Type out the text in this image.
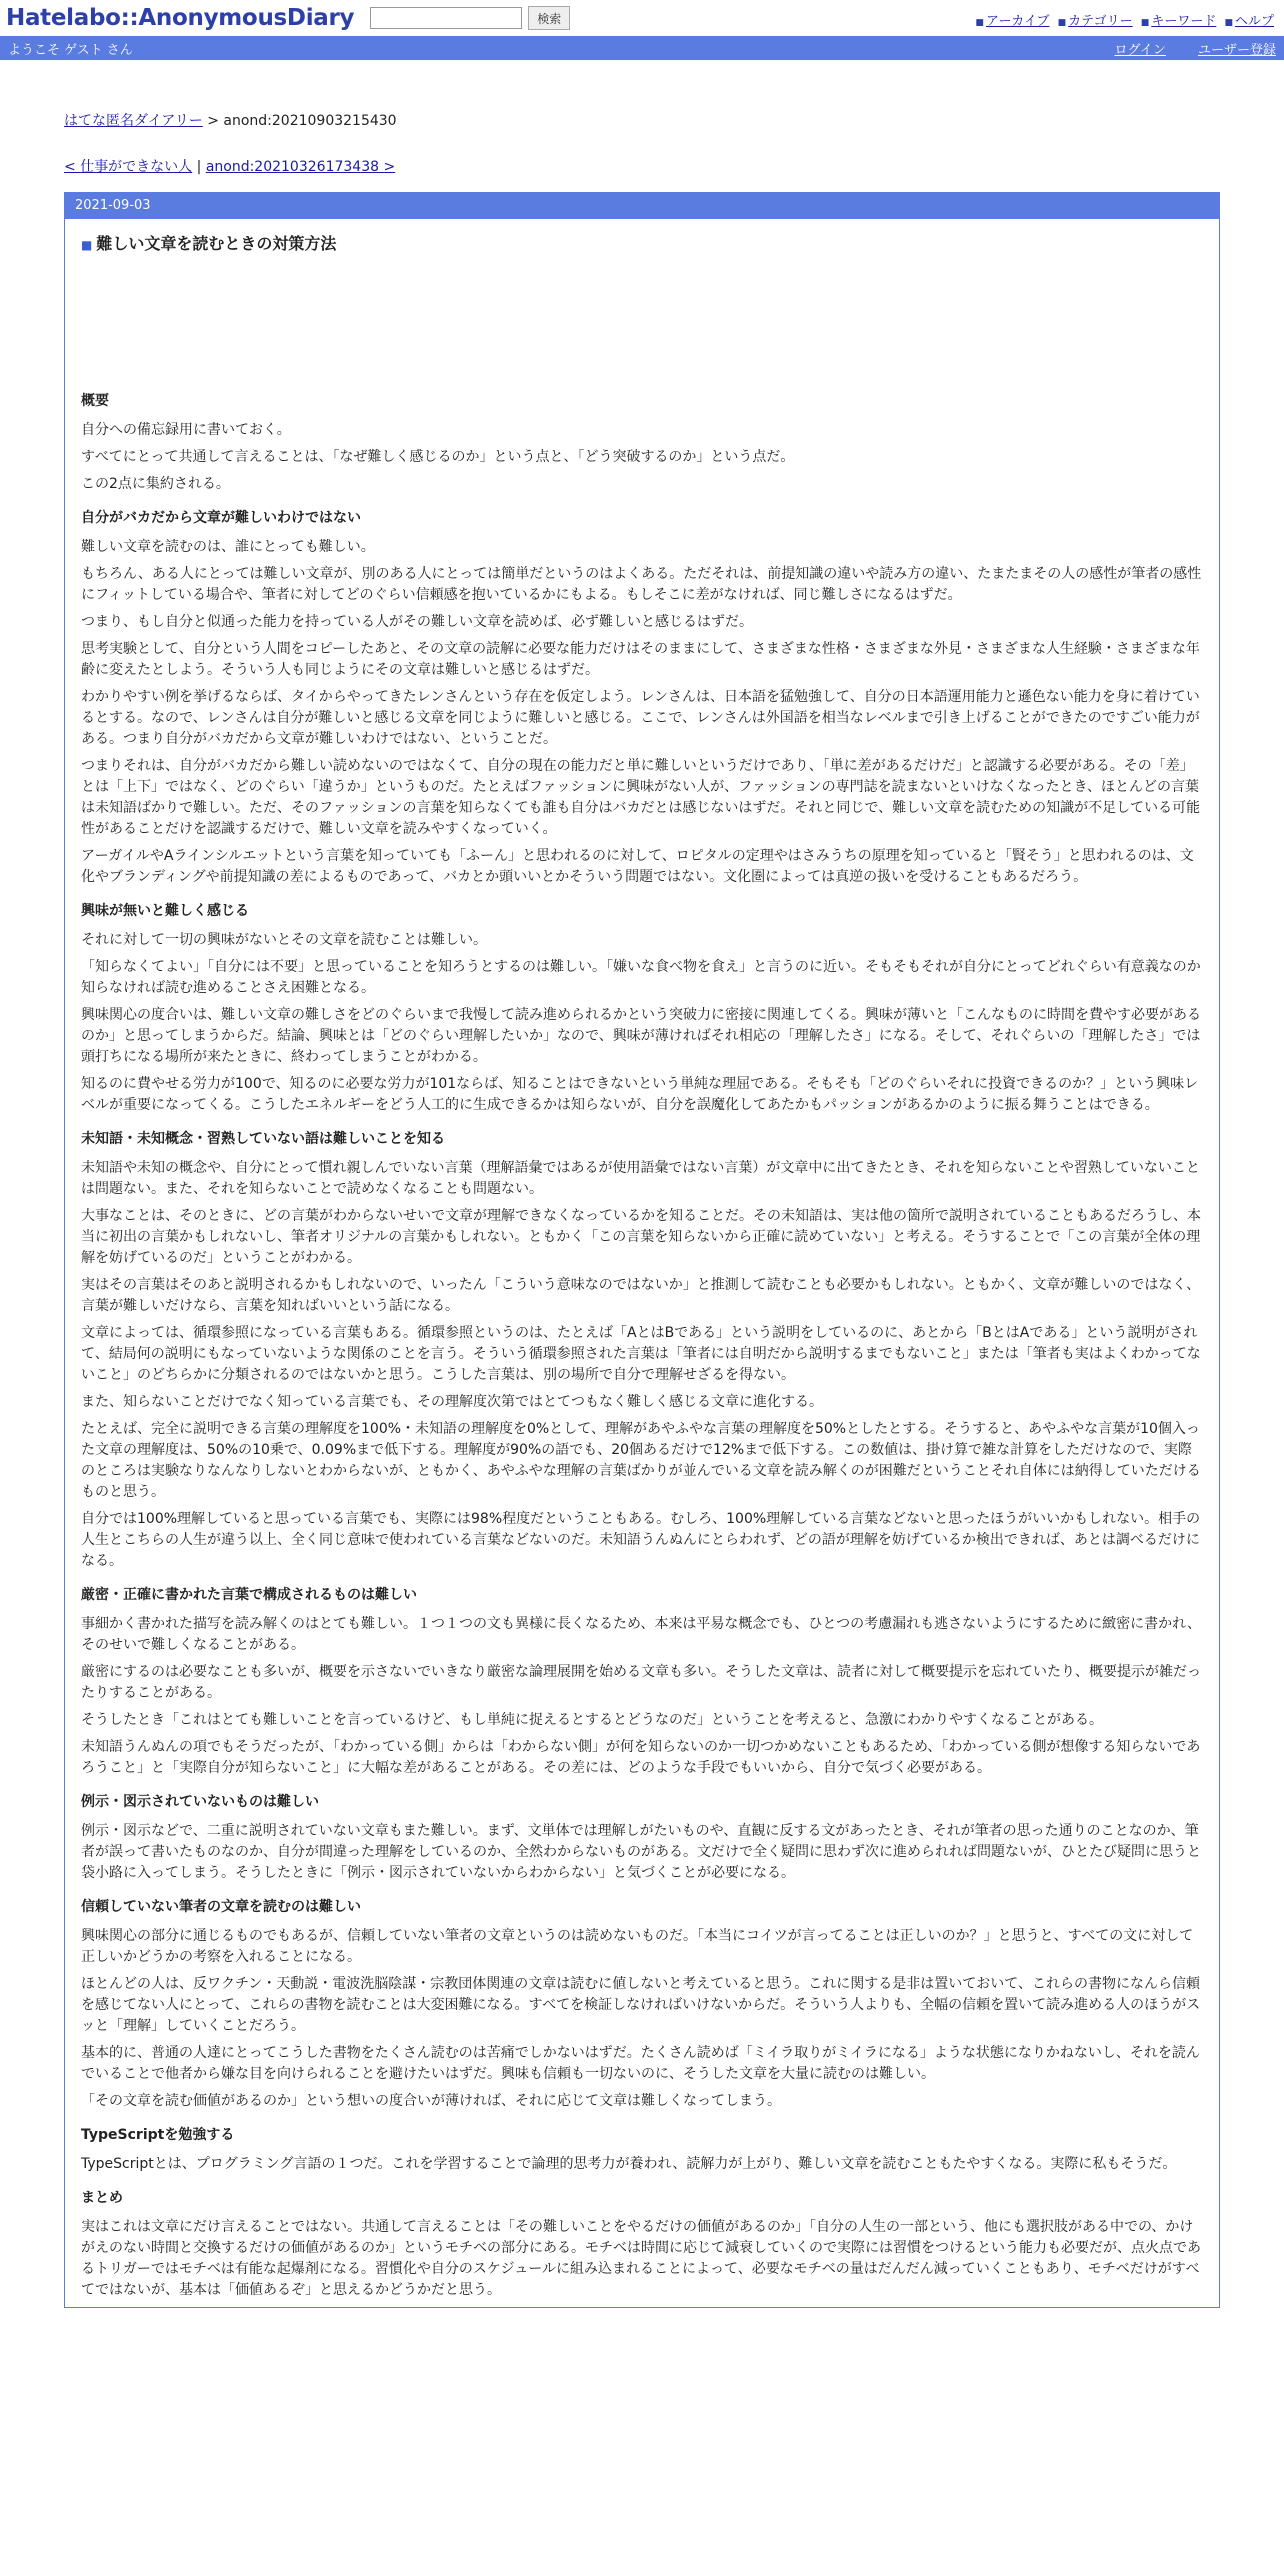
Hatelabo::AnonymousDiary	検索	■ アーカイブ ■ カテゴリー ■ キーワード ■ ヘルプ
ようこそ ゲスト さん	ログイン ユーザー登録
はてな匿名ダイアリー > anond:20210903215430
< 仕事ができない人 | anond:20210326173438 >
2021-09-03
■ 難しい文章を読むときの対策方法
概要

自分への備忘録用に書いておく。

すべてにとって共通して言えることは、「なぜ難しく感じるのか」という点と、「どう突破するのか」という点だ。

この2点に集約される。

自分がバカだから文章が難しいわけではない

難しい文章を読むのは、誰にとっても難しい。

もちろん、ある人にとっては難しい文章が、別のある人にとっては簡単だというのはよくある。ただそれは、前提知識の違いや読み方の違い、たまたまその人の感性が筆者の感性にフィットしている場合や、筆者に対してどのぐらい信頼感を抱いているかにもよる。もしそこに差がなければ、同じ難しさになるはずだ。

つまり、もし自分と似通った能力を持っている人がその難しい文章を読めば、必ず難しいと感じるはずだ。

思考実験として、自分という人間をコピーしたあと、その文章の読解に必要な能力だけはそのままにして、さまざまな性格・さまざまな外見・さまざまな人生経験・さまざまな年齢に変えたとしよう。そういう人も同じようにその文章は難しいと感じるはずだ。

わかりやすい例を挙げるならば、タイからやってきたレンさんという存在を仮定しよう。レンさんは、日本語を猛勉強して、自分の日本語運用能力と遜色ない能力を身に着けているとする。なので、レンさんは自分が難しいと感じる文章を同じように難しいと感じる。ここで、レンさんは外国語を相当なレベルまで引き上げることができたのですごい能力がある。つまり自分がバカだから文章が難しいわけではない、ということだ。

つまりそれは、自分がバカだから難しい読めないのではなくて、自分の現在の能力だと単に難しいというだけであり、「単に差があるだけだ」と認識する必要がある。その「差」とは「上下」ではなく、どのぐらい「違うか」というものだ。たとえばファッションに興味がない人が、ファッションの専門誌を読まないといけなくなったとき、ほとんどの言葉は未知語ばかりで難しい。ただ、そのファッションの言葉を知らなくても誰も自分はバカだとは感じないはずだ。それと同じで、難しい文章を読むための知識が不足している可能性があることだけを認識するだけで、難しい文章を読みやすくなっていく。

アーガイルやAラインシルエットという言葉を知っていても「ふーん」と思われるのに対して、ロピタルの定理やはさみうちの原理を知っていると「賢そう」と思われるのは、文化やブランディングや前提知識の差によるものであって、バカとか頭いいとかそういう問題ではない。文化圏によっては真逆の扱いを受けることもあるだろう。

興味が無いと難しく感じる

それに対して一切の興味がないとその文章を読むことは難しい。

「知らなくてよい」「自分には不要」と思っていることを知ろうとするのは難しい。「嫌いな食べ物を食え」と言うのに近い。そもそもそれが自分にとってどれぐらい有意義なのか知らなければ読む進めることさえ困難となる。

興味関心の度合いは、難しい文章の難しさをどのぐらいまで我慢して読み進められるかという突破力に密接に関連してくる。興味が薄いと「こんなものに時間を費やす必要があるのか」と思ってしまうからだ。結論、興味とは「どのぐらい理解したいか」なので、興味が薄ければそれ相応の「理解したさ」になる。そして、それぐらいの「理解したさ」では頭打ちになる場所が来たときに、終わってしまうことがわかる。

知るのに費やせる労力が100で、知るのに必要な労力が101ならば、知ることはできないという単純な理屈である。そもそも「どのぐらいそれに投資できるのか？」という興味レベルが重要になってくる。こうしたエネルギーをどう人工的に生成できるかは知らないが、自分を誤魔化してあたかもパッションがあるかのように振る舞うことはできる。

未知語・未知概念・習熟していない語は難しいことを知る

未知語や未知の概念や、自分にとって慣れ親しんでいない言葉（理解語彙ではあるが使用語彙ではない言葉）が文章中に出てきたとき、それを知らないことや習熟していないことは問題ない。また、それを知らないことで読めなくなることも問題ない。

大事なことは、そのときに、どの言葉がわからないせいで文章が理解できなくなっているかを知ることだ。その未知語は、実は他の箇所で説明されていることもあるだろうし、本当に初出の言葉かもしれないし、筆者オリジナルの言葉かもしれない。ともかく「この言葉を知らないから正確に読めていない」と考える。そうすることで「この言葉が全体の理解を妨げているのだ」ということがわかる。

実はその言葉はそのあと説明されるかもしれないので、いったん「こういう意味なのではないか」と推測して読むことも必要かもしれない。ともかく、文章が難しいのではなく、言葉が難しいだけなら、言葉を知ればいいという話になる。

文章によっては、循環参照になっている言葉もある。循環参照というのは、たとえば「AとはBである」という説明をしているのに、あとから「BとはAである」という説明がされて、結局何の説明にもなっていないような関係のことを言う。そういう循環参照された言葉は「筆者には自明だから説明するまでもないこと」または「筆者も実はよくわかってないこと」のどちらかに分類されるのではないかと思う。こうした言葉は、別の場所で自分で理解せざるを得ない。

また、知らないことだけでなく知っている言葉でも、その理解度次第ではとてつもなく難しく感じる文章に進化する。

たとえば、完全に説明できる言葉の理解度を100%・未知語の理解度を0%として、理解があやふやな言葉の理解度を50%としたとする。そうすると、あやふやな言葉が10個入った文章の理解度は、50%の10乗で、0.09%まで低下する。理解度が90%の語でも、20個あるだけで12%まで低下する。この数値は、掛け算で雑な計算をしただけなので、実際のところは実験なりなんなりしないとわからないが、ともかく、あやふやな理解の言葉ばかりが並んでいる文章を読み解くのが困難だということそれ自体には納得していただけるものと思う。

自分では100%理解していると思っている言葉でも、実際には98%程度だということもある。むしろ、100%理解している言葉などないと思ったほうがいいかもしれない。相手の人生とこちらの人生が違う以上、全く同じ意味で使われている言葉などないのだ。未知語うんぬんにとらわれず、どの語が理解を妨げているか検出できれば、あとは調べるだけになる。

厳密・正確に書かれた言葉で構成されるものは難しい

事細かく書かれた描写を読み解くのはとても難しい。１つ１つの文も異様に長くなるため、本来は平易な概念でも、ひとつの考慮漏れも逃さないようにするために緻密に書かれ、そのせいで難しくなることがある。

厳密にするのは必要なことも多いが、概要を示さないでいきなり厳密な論理展開を始める文章も多い。そうした文章は、読者に対して概要提示を忘れていたり、概要提示が雑だったりすることがある。

そうしたとき「これはとても難しいことを言っているけど、もし単純に捉えるとするとどうなのだ」ということを考えると、急激にわかりやすくなることがある。

未知語うんぬんの項でもそうだったが、「わかっている側」からは「わからない側」が何を知らないのか一切つかめないこともあるため、「わかっている側が想像する知らないであろうこと」と「実際自分が知らないこと」に大幅な差があることがある。その差には、どのような手段でもいいから、自分で気づく必要がある。

例示・図示されていないものは難しい

例示・図示などで、二重に説明されていない文章もまた難しい。まず、文単体では理解しがたいものや、直観に反する文があったとき、それが筆者の思った通りのことなのか、筆者が誤って書いたものなのか、自分が間違った理解をしているのか、全然わからないものがある。文だけで全く疑問に思わず次に進められれば問題ないが、ひとたび疑問に思うと袋小路に入ってしまう。そうしたときに「例示・図示されていないからわからない」と気づくことが必要になる。

信頼していない筆者の文章を読むのは難しい

興味関心の部分に通じるものでもあるが、信頼していない筆者の文章というのは読めないものだ。「本当にコイツが言ってることは正しいのか？」と思うと、すべての文に対して正しいかどうかの考察を入れることになる。

ほとんどの人は、反ワクチン・天動説・電波洗脳陰謀・宗教団体関連の文章は読むに値しないと考えていると思う。これに関する是非は置いておいて、これらの書物になんら信頼を感じてない人にとって、これらの書物を読むことは大変困難になる。すべてを検証しなければいけないからだ。そういう人よりも、全幅の信頼を置いて読み進める人のほうがスッと「理解」していくことだろう。

基本的に、普通の人達にとってこうした書物をたくさん読むのは苦痛でしかないはずだ。たくさん読めば「ミイラ取りがミイラになる」ような状態になりかねないし、それを読んでいることで他者から嫌な目を向けられることを避けたいはずだ。興味も信頼も一切ないのに、そうした文章を大量に読むのは難しい。

「その文章を読む価値があるのか」という想いの度合いが薄ければ、それに応じて文章は難しくなってしまう。

TypeScriptを勉強する

TypeScriptとは、プログラミング言語の１つだ。これを学習することで論理的思考力が養われ、読解力が上がり、難しい文章を読むこともたやすくなる。実際に私もそうだ。

まとめ

実はこれは文章にだけ言えることではない。共通して言えることは「その難しいことをやるだけの価値があるのか」「自分の人生の一部という、他にも選択肢がある中での、かけがえのない時間と交換するだけの価値があるのか」というモチベの部分にある。モチベは時間に応じて減衰していくので実際には習慣をつけるという能力も必要だが、点火点であるトリガーではモチベは有能な起爆剤になる。習慣化や自分のスケジュールに組み込まれることによって、必要なモチベの量はだんだん減っていくこともあり、モチベだけがすべてではないが、基本は「価値あるぞ」と思えるかどうかだと思う。
